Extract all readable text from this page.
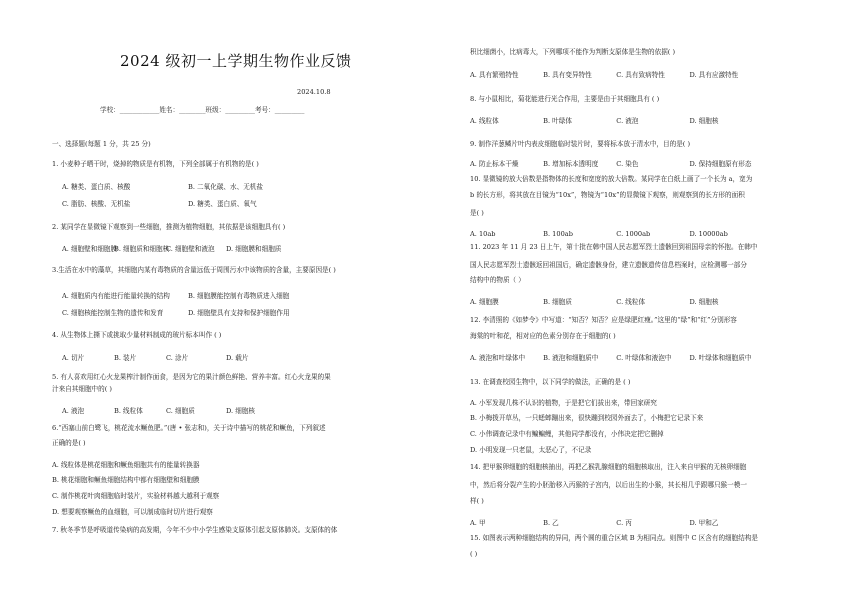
2024 级初一上学期生物作业反馈
2024.10.8
学校：____________姓名：________班级：_________考号：_________
一、选择题(每题 1 分，共 25 分)
1. 小麦种子晒干时，烧掉的物质是有机物，下列全部属于有机物的是( )
A. 糖类、蛋白质、核酸	B. 二氧化碳、水、无机盐
C. 脂肪、核酸、无机盐	D. 糖类、蛋白质、氧气
2. 某同学在显微镜下观察到一些细胞，推测为植物细胞，其依据是该细胞具有( )
A. 细胞壁和细胞膜
B. 细胞质和细胞核
C. 细胞壁和液泡 D. 细胞膜和细胞质
3.生活在水中的藻草，其细胞内某有毒物质的含量远低于周围污水中该物质的含量，主要原因是( )
A. 细胞质内有能进行能量转换的结构	B. 细胞膜能控制有毒物质进入细胞
C. 细胞核能控制生物的遗传和发育	D. 细胞壁具有支持和保护细胞作用
4. 从生物体上撕下或挑取少量材料制成的玻片标本叫作 ( )
A. 切片	B. 装片	C. 涂片	D. 载片
5. 有人喜欢用红心火龙果榨汁制作面食，是因为它的果汁颜色鲜艳、营养丰富。红心火龙果的果
汁来自其细胞中的( )
A. 液泡	B. 线粒体	C. 细胞质	D. 细胞核
6.“西塞山前白鹭飞，桃花流水鳜鱼肥。”(唐 • 张志和)，关于诗中描写的桃花和鳜鱼，下列叙述
正确的是( )
A. 线粒体是桃花细胞和鳜鱼细胞共有的能量转换器
B. 桃花细胞和鳜鱼细胞结构中都有细胞壁和细胞膜
C. 制作桃花叶肉细胞临时装片，实验材料越大越利于观察
D. 想要观察鳜鱼的血细胞，可以制成临时切片进行观察
7. 秋冬季节是呼吸道传染病的高发期，今年不少中小学生感染支原体引起支原体肺炎。支原体的体
积比细菌小，比病毒大，下列哪项不能作为判断支原体是生物的依据( )
A. 具有繁殖特性	B. 具有变异特性	C. 具有致病特性	D. 具有应激特性
8. 与小鼠相比，菊花能进行光合作用，主要是由于其细胞具有 ( )
A. 线粒体	B. 叶绿体	C. 液泡	D. 细胞核
9. 制作洋葱鳞片叶内表皮细胞临时装片时，要将标本放于清水中，目的是( )
A. 防止标本干燥	B. 增加标本透明度	C. 染色	D. 保持细胞原有形态
10. 显微镜的放大倍数是指物体的长度和宽度的放大倍数。某同学在白纸上画了一个长为 a，宽为
b 的长方形，将其放在目镜为“10x”，物镜为“10x”的显微镜下观察，则观察到的长方形的面积
是( )
A. 10ab	B. 100ab	C. 1000ab	D. 10000ab
11. 2023 年 11 月 23 日上午，第十批在韩中国人民志愿军烈士遗骸回到祖国母亲的怀抱。在韩中
国人民志愿军烈士遗骸返回祖国后，确定遗骸身份，建立遗骸遗传信息档案时，应检测哪一部分
结构中的物质（ ）
A. 细胞膜	B. 细胞质	C. 线粒体	D. 细胞核
12. 李清照的《如梦令》中写道：“知否？知否？应是绿肥红瘦。”这里的“绿”和“红”分别形容
海棠的叶和花，相对应的色素分别存在于细胞的( )
A. 液泡和叶绿体中	B. 液泡和细胞质中	C. 叶绿体和液泡中	D. 叶绿体和细胞质中
13. 在调查校园生物中，以下同学的做法，正确的是 ( )
A. 小军发现几株不认识的植物，于是把它们拔出来，带回家研究
B. 小梅拨开草丛，一只蟋蟀蹦出来，很快蹦到校园外面去了，小梅把它记录下来
C. 小伟调查记录中有鳊鳊鲤，其他同学都没有，小伟决定把它删掉
D. 小明发现一只老鼠，太恶心了，不记录
14. 把甲猴卵细胞的细胞核抽出，再把乙猴乳腺细胞的细胞核取出，注入来自甲猴的无核卵细胞
中，然后将分裂产生的小胚胎移入丙猴的子宫内，以后出生的小猴，其长相几乎跟哪只猴一模一
样( )
A. 甲	B. 乙	C. 丙	D. 甲和乙
15. 如图表示两种细胞结构的异同，两个圆的重合区域 B 为相同点。则图中 C 区含有的细胞结构是
( )
